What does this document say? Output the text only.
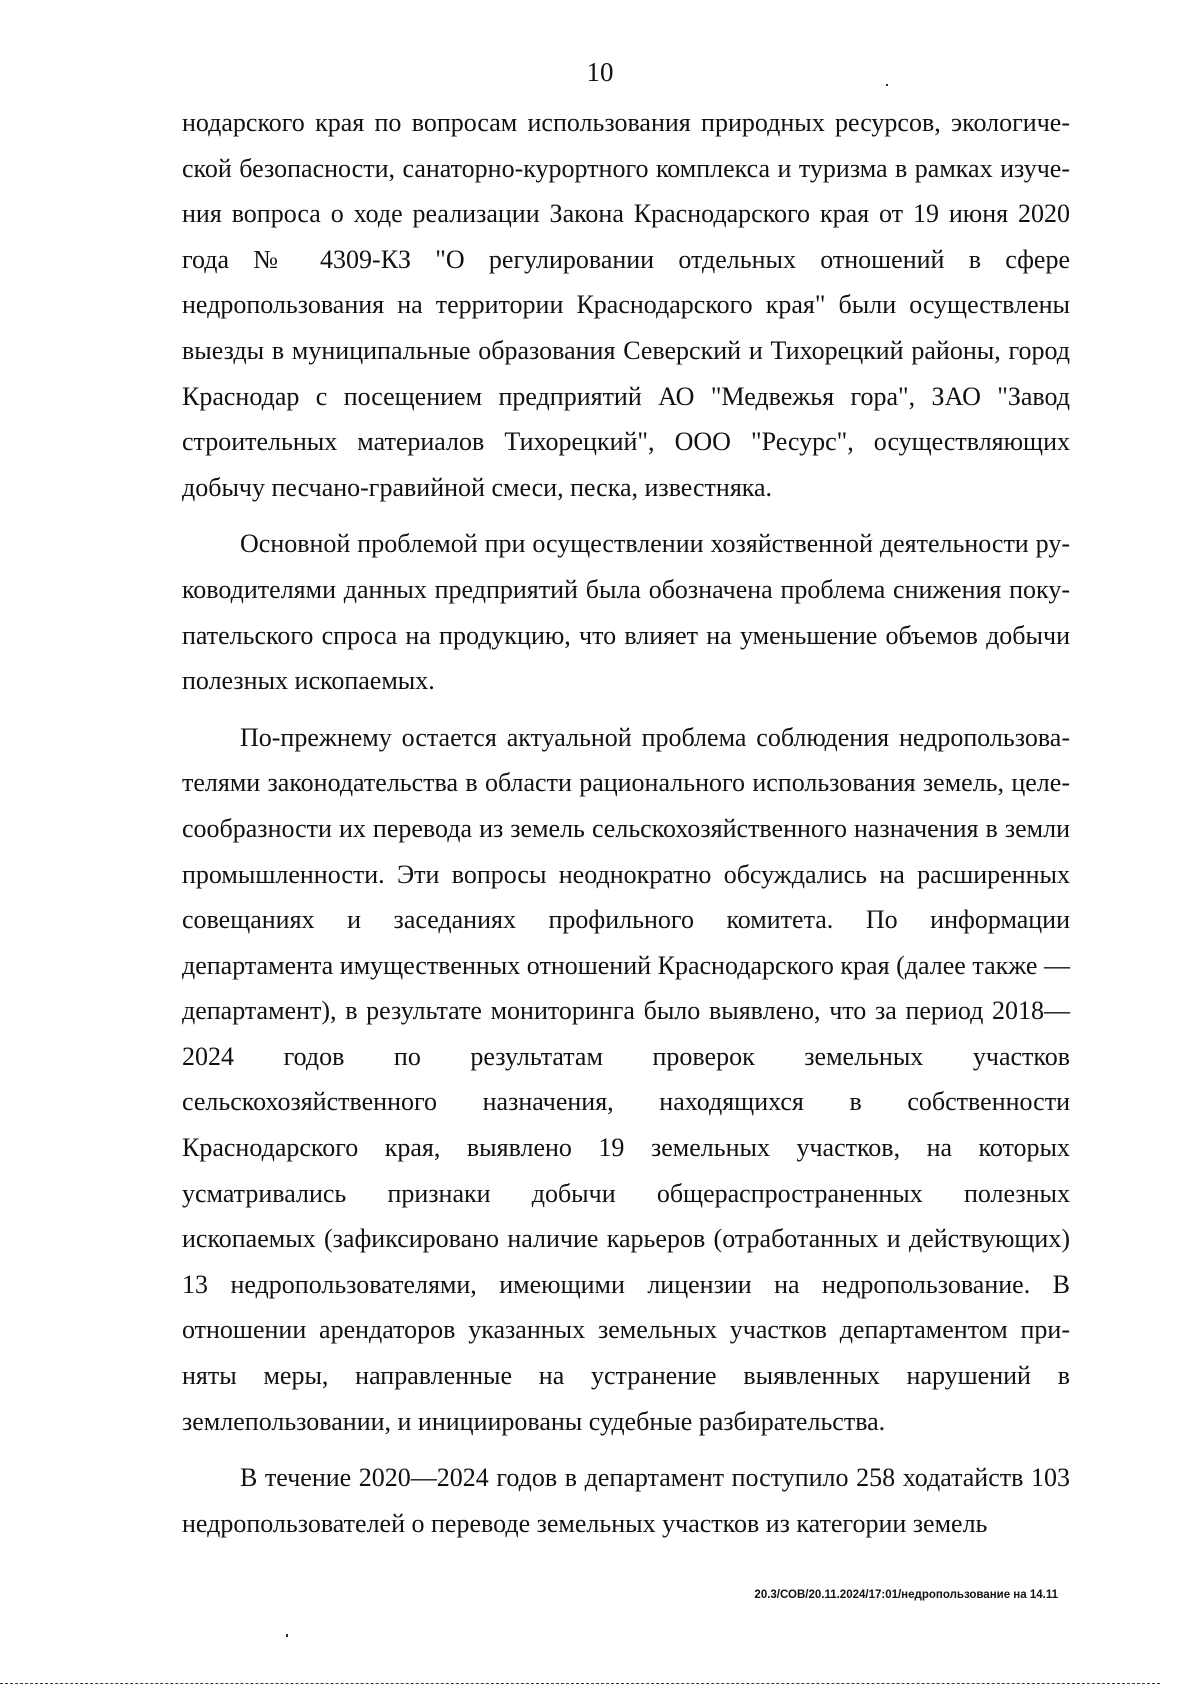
10

нодарского края по вопросам использования природных ресурсов, экологической безопасности, санаторно-курортного комплекса и туризма в рамках изучения вопроса о ходе реализации Закона Краснодарского края от 19 июня 2020 года № 4309-КЗ "О регулировании отдельных отношений в сфере недропользования на территории Краснодарского края" были осуществлены выезды в муниципальные образования Северский и Тихорецкий районы, город Краснодар с посещением предприятий АО "Медвежья гора", ЗАО "Завод строительных материалов Тихорецкий", ООО "Ресурс", осуществляющих добычу песчано-гравийной смеси, песка, известняка.

Основной проблемой при осуществлении хозяйственной деятельности руководителями данных предприятий была обозначена проблема снижения покупательского спроса на продукцию, что влияет на уменьшение объемов добычи полезных ископаемых.

По-прежнему остается актуальной проблема соблюдения недропользователями законодательства в области рационального использования земель, целесообразности их перевода из земель сельскохозяйственного назначения в земли промышленности. Эти вопросы неоднократно обсуждались на расширенных совещаниях и заседаниях профильного комитета. По информации департамента имущественных отношений Краснодарского края (далее также — департамент), в результате мониторинга было выявлено, что за период 2018—2024 годов по результатам проверок земельных участков сельскохозяйственного назначения, находящихся в собственности Краснодарского края, выявлено 19 земельных участков, на которых усматривались признаки добычи общераспространенных полезных ископаемых (зафиксировано наличие карьеров (отработанных и действующих) 13 недропользователями, имеющими лицензии на недропользование. В отношении арендаторов указанных земельных участков департаментом приняты меры, направленные на устранение выявленных нарушений в землепользовании, и инициированы судебные разбирательства.

В течение 2020—2024 годов в департамент поступило 258 ходатайств 103 недропользователей о переводе земельных участков из категории земель

20.3/СОВ/20.11.2024/17:01/недропользование на 14.11
